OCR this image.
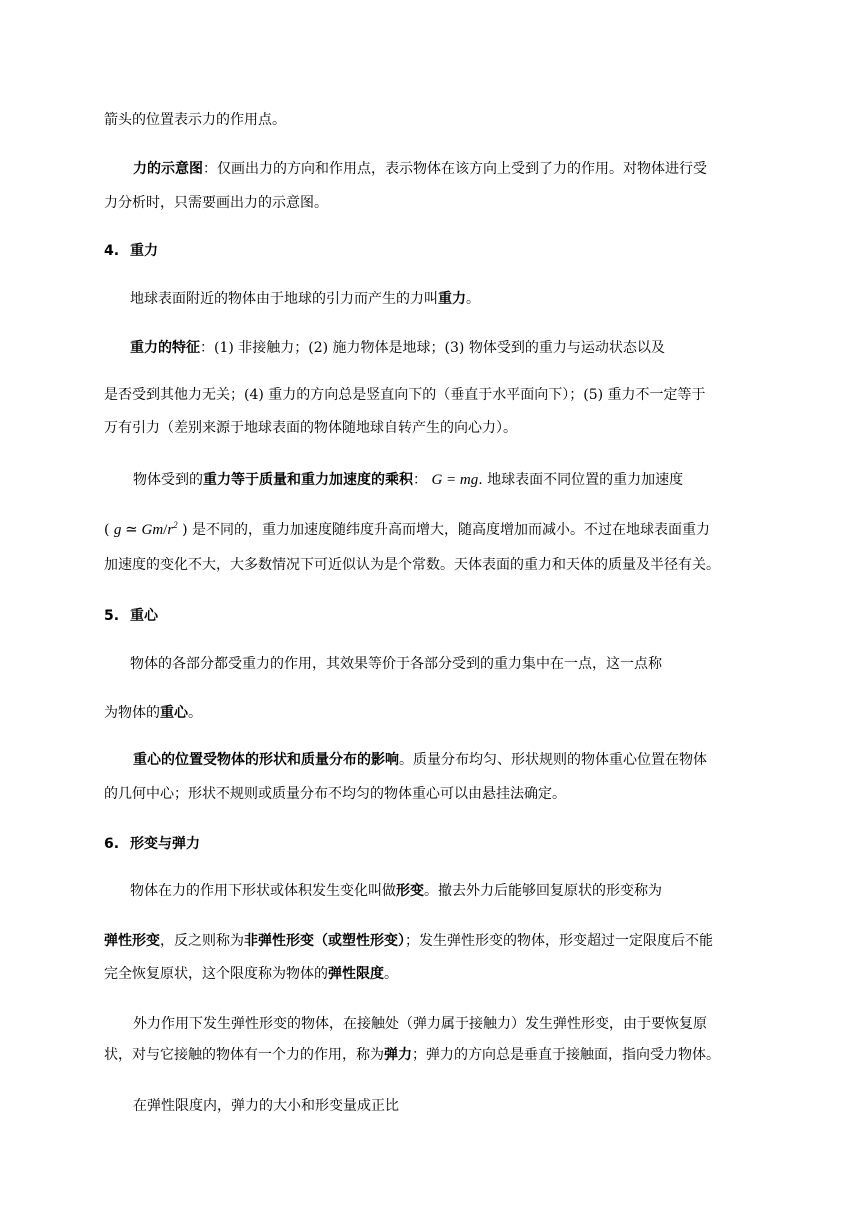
箭头的位置表示力的作用点。
力的示意图：仅画出力的方向和作用点，表示物体在该方向上受到了力的作用。对物体进行受
力分析时，只需要画出力的示意图。
4. 重力
地球表面附近的物体由于地球的引力而产生的力叫重力。
重力的特征：(1) 非接触力；(2) 施力物体是地球；(3) 物体受到的重力与运动状态以及
是否受到其他力无关；(4) 重力的方向总是竖直向下的（垂直于水平面向下）；(5) 重力不一定等于
万有引力（差别来源于地球表面的物体随地球自转产生的向心力）。
物体受到的重力等于质量和重力加速度的乘积： G = mg. 地球表面不同位置的重力加速度
( g ≃ $Gm/r^2$ ) 是不同的，重力加速度随纬度升高而增大，随高度增加而减小。不过在地球表面重力
加速度的变化不大，大多数情况下可近似认为是个常数。天体表面的重力和天体的质量及半径有关。
5. 重心
物体的各部分都受重力的作用，其效果等价于各部分受到的重力集中在一点，这一点称
为物体的重心。
重心的位置受物体的形状和质量分布的影响。质量分布均匀、形状规则的物体重心位置在物体
的几何中心；形状不规则或质量分布不均匀的物体重心可以由悬挂法确定。
6. 形变与弹力
物体在力的作用下形状或体积发生变化叫做形变。撤去外力后能够回复原状的形变称为
弹性形变，反之则称为非弹性形变（或塑性形变）；发生弹性形变的物体，形变超过一定限度后不能
完全恢复原状，这个限度称为物体的弹性限度。
外力作用下发生弹性形变的物体，在接触处（弹力属于接触力）发生弹性形变，由于要恢复原
状，对与它接触的物体有一个力的作用，称为弹力；弹力的方向总是垂直于接触面，指向受力物体。
在弹性限度内，弹力的大小和形变量成正比
